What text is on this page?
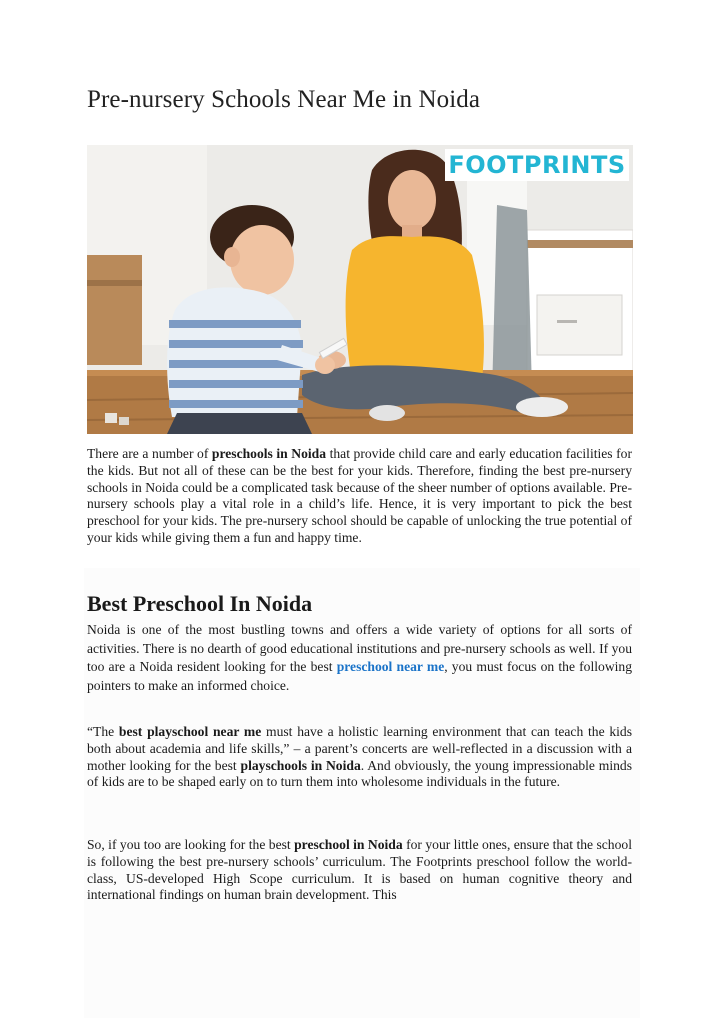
Pre-nursery Schools Near Me in Noida
FOOTPRINTS

There are a number of preschools in Noida that provide child care and early education facilities for the kids. But not all of these can be the best for your kids. Therefore, finding the best pre-nursery schools in Noida could be a complicated task because of the sheer number of options available. Pre-nursery schools play a vital role in a child’s life. Hence, it is very important to pick the best preschool for your kids. The pre-nursery school should be capable of unlocking the true potential of your kids while giving them a fun and happy time.

Best Preschool In Noida

Noida is one of the most bustling towns and offers a wide variety of options for all sorts of activities. There is no dearth of good educational institutions and pre-nursery schools as well. If you too are a Noida resident looking for the best preschool near me, you must focus on the following pointers to make an informed choice.

“The best playschool near me must have a holistic learning environment that can teach the kids both about academia and life skills,” – a parent’s concerts are well-reflected in a discussion with a mother looking for the best playschools in Noida. And obviously, the young impressionable minds of kids are to be shaped early on to turn them into wholesome individuals in the future.

So, if you too are looking for the best preschool in Noida for your little ones, ensure that the school is following the best pre-nursery schools’ curriculum. The Footprints preschool follow the world-class, US-developed High Scope curriculum. It is based on human cognitive theory and international findings on human brain development. This
